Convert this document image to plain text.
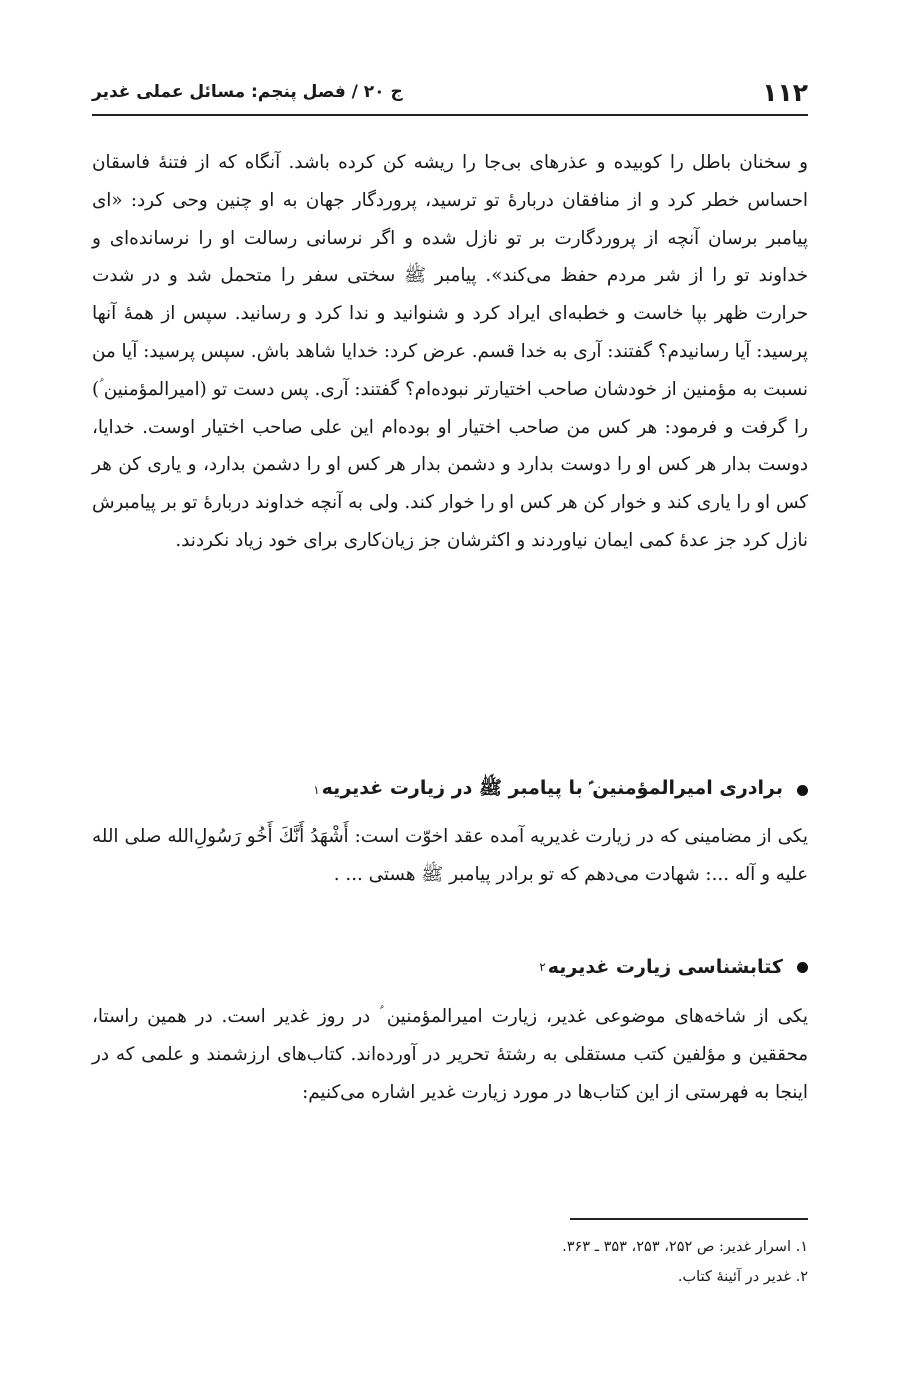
۱۱۲
ج ۲۰ / فصل پنجم: مسائل عملی غدیر

و سخنان باطل را کوبیده و عذرهای بی‌جا را ریشه کن کرده باشد. آنگاه که از فتنهٔ فاسقان احساس خطر کرد و از منافقان دربارهٔ تو ترسید، پروردگار جهان به او چنین وحی کرد: «ای پیامبر برسان آنچه از پروردگارت بر تو نازل شده و اگر نرسانی رسالت او را نرسانده‌ای و خداوند تو را از شر مردم حفظ می‌کند». پیامبر ﷺ سختی سفر را متحمل شد و در شدت حرارت ظهر بپا خاست و خطبه‌ای ایراد کرد و شنوانید و ندا کرد و رسانید. سپس از همهٔ آنها پرسید: آیا رسانیدم؟ گفتند: آری به خدا قسم. عرض کرد: خدایا شاهد باش. سپس پرسید: آیا من نسبت به مؤمنین از خودشان صاحب اختیارتر نبوده‌ام؟ گفتند: آری. پس دست تو (امیرالمؤمنین ؑ) را گرفت و فرمود: هر کس من صاحب اختیار او بوده‌ام این علی صاحب اختیار اوست. خدایا، دوست بدار هر کس او را دوست بدارد و دشمن بدار هر کس او را دشمن بدارد، و یاری کن هر کس او را یاری کند و خوار کن هر کس او را خوار کند. ولی به آنچه خداوند دربارهٔ تو بر پیامبرش نازل کرد جز عدهٔ کمی ایمان نیاوردند و اکثرشان جز زیان‌کاری برای خود زیاد نکردند.

برادری امیرالمؤمنین ؑ با پیامبر ﷺ در زیارت غدیریه
۱

یکی از مضامینی که در زیارت غدیریه آمده عقد اخوّت است: أَشْهَدُ أَنَّكَ أَخُو رَسُولِ‌الله صلی الله علیه و آله ...: شهادت می‌دهم که تو برادر پیامبر ﷺ هستی ... .

کتابشناسی زیارت غدیریه
۲

یکی از شاخه‌های موضوعی غدیر، زیارت امیرالمؤمنین ؑ در روز غدیر است. در همین راستا، محققین و مؤلفین کتب مستقلی به رشتهٔ تحریر در آورده‌اند. کتاب‌های ارزشمند و علمی که در اینجا به فهرستی از این کتاب‌ها در مورد زیارت غدیر اشاره می‌کنیم:

۱. اسرار غدیر: ص ۲۵۲، ۲۵۳، ۳۵۳ ـ ۳۶۳.
۲. غدیر در آئینهٔ کتاب.
